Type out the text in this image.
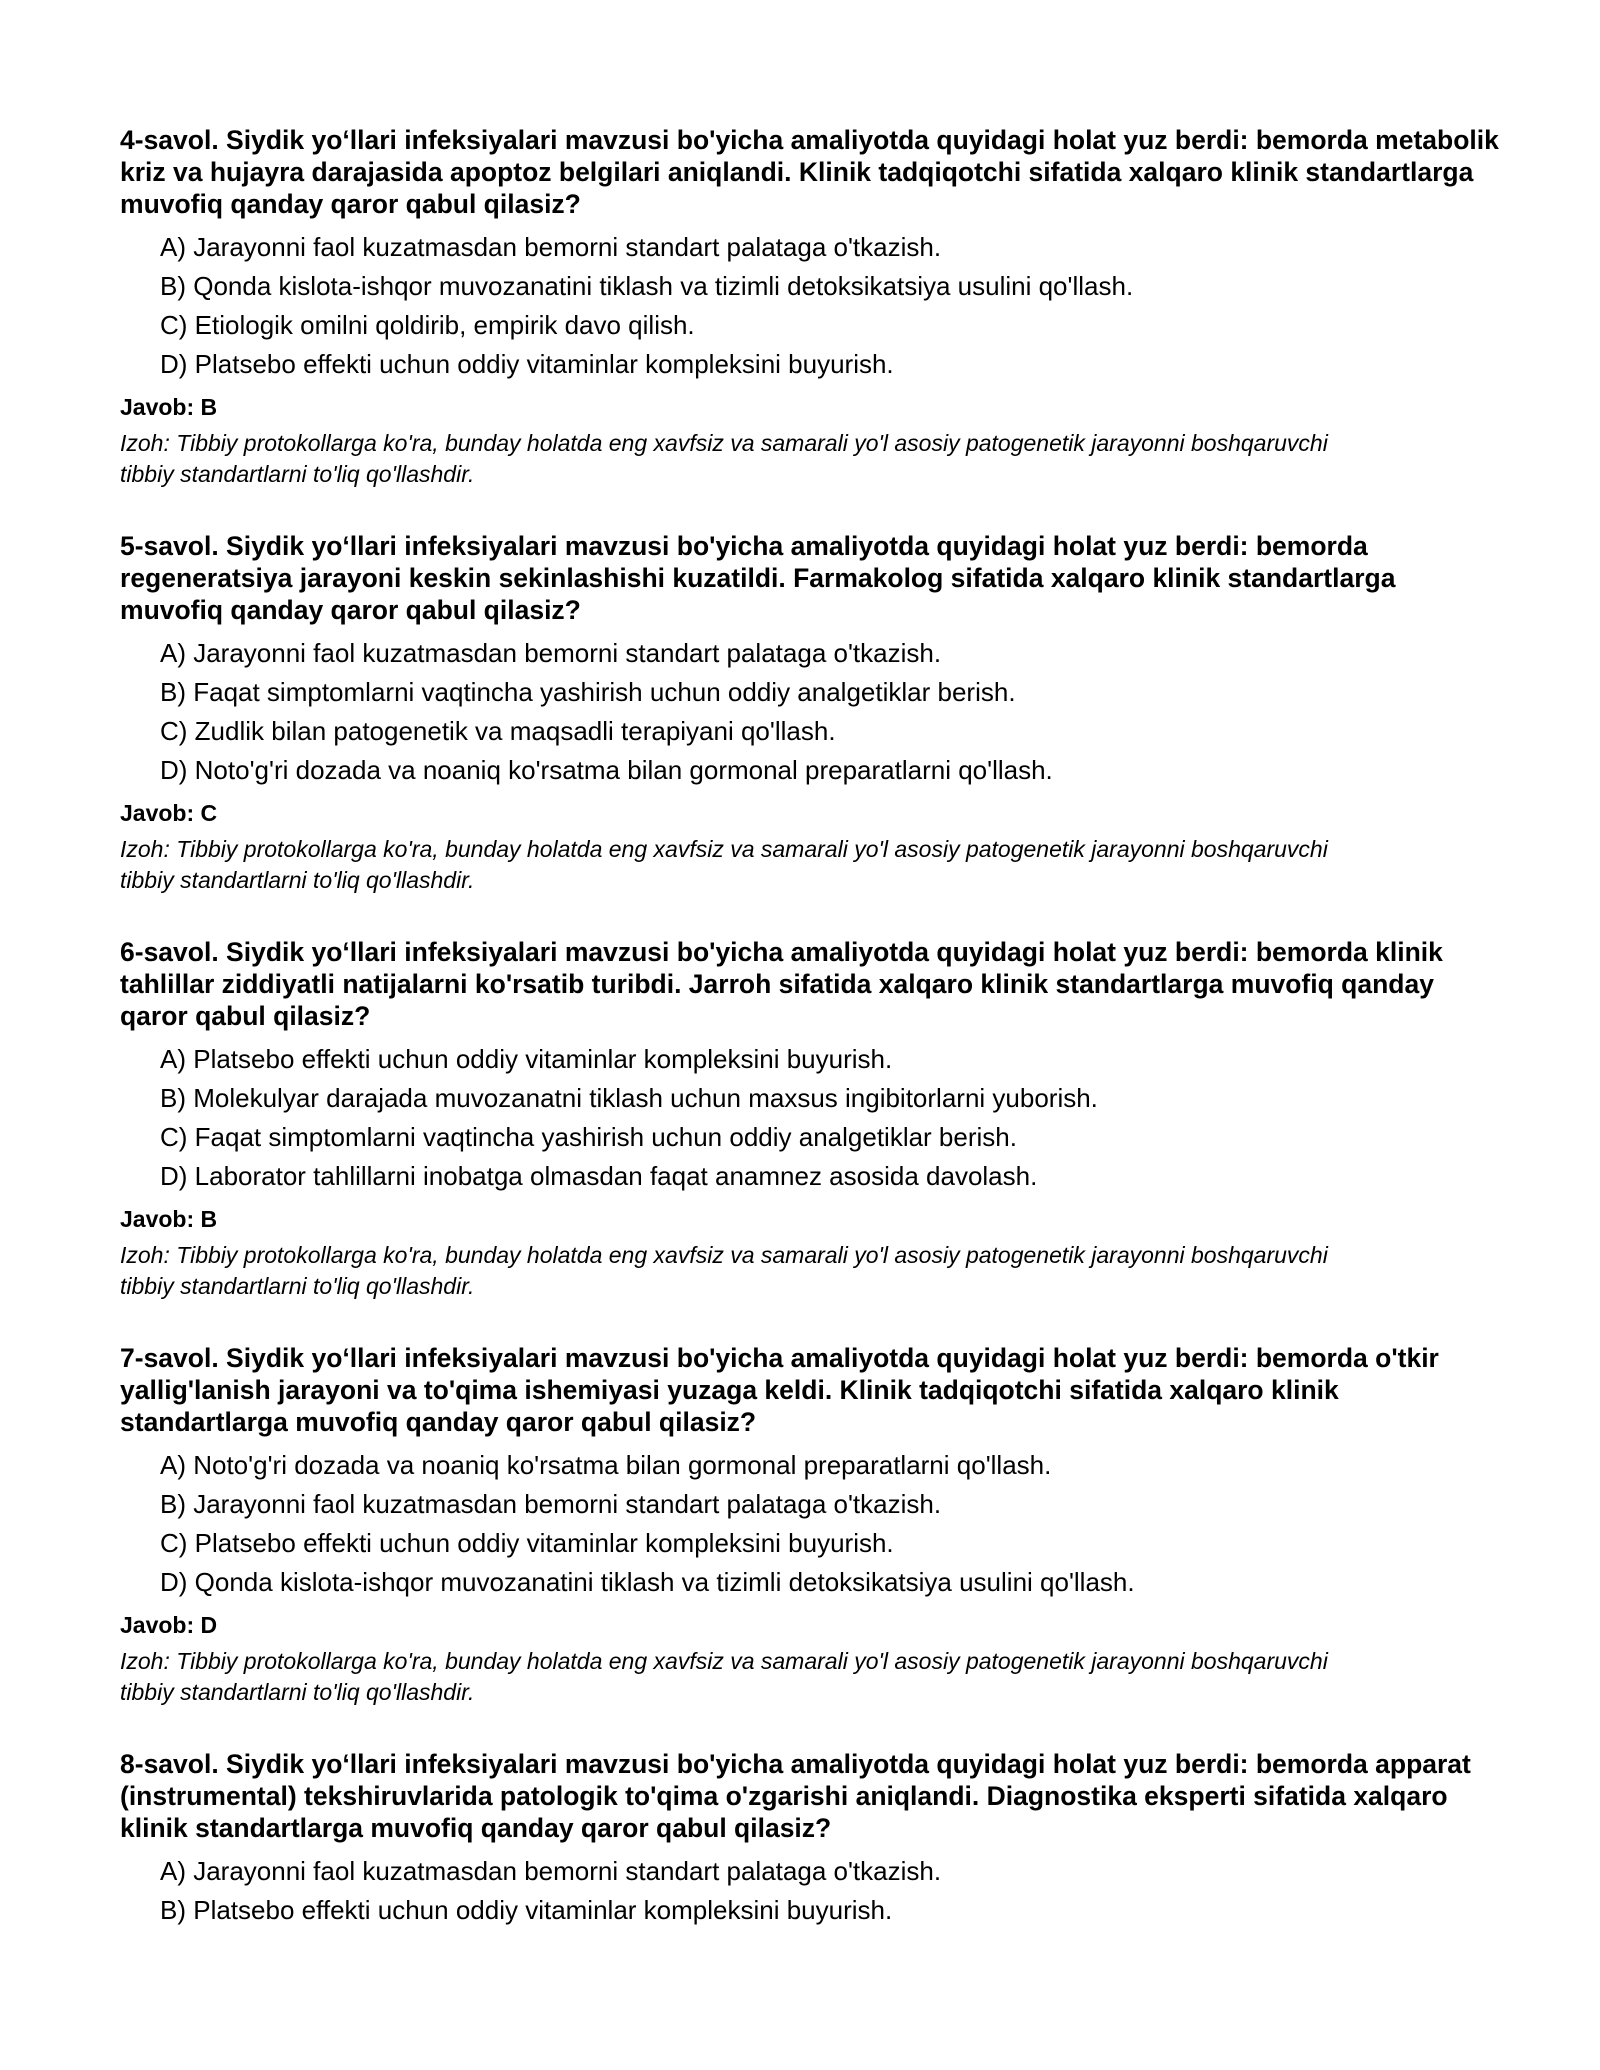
4-savol. Siydik yo‘llari infeksiyalari mavzusi bo'yicha amaliyotda quyidagi holat yuz berdi: bemorda metabolik kriz va hujayra darajasida apoptoz belgilari aniqlandi. Klinik tadqiqotchi sifatida xalqaro klinik standartlarga muvofiq qanday qaror qabul qilasiz?

A) Jarayonni faol kuzatmasdan bemorni standart palataga o'tkazish.
B) Qonda kislota-ishqor muvozanatini tiklash va tizimli detoksikatsiya usulini qo'llash.
C) Etiologik omilni qoldirib, empirik davo qilish.
D) Platsebo effekti uchun oddiy vitaminlar kompleksini buyurish.

Javob: B

Izoh: Tibbiy protokollarga ko'ra, bunday holatda eng xavfsiz va samarali yo'l asosiy patogenetik jarayonni boshqaruvchi tibbiy standartlarni to'liq qo'llashdir.

5-savol. Siydik yo‘llari infeksiyalari mavzusi bo'yicha amaliyotda quyidagi holat yuz berdi: bemorda regeneratsiya jarayoni keskin sekinlashishi kuzatildi. Farmakolog sifatida xalqaro klinik standartlarga muvofiq qanday qaror qabul qilasiz?

A) Jarayonni faol kuzatmasdan bemorni standart palataga o'tkazish.
B) Faqat simptomlarni vaqtincha yashirish uchun oddiy analgetiklar berish.
C) Zudlik bilan patogenetik va maqsadli terapiyani qo'llash.
D) Noto'g'ri dozada va noaniq ko'rsatma bilan gormonal preparatlarni qo'llash.

Javob: C

Izoh: Tibbiy protokollarga ko'ra, bunday holatda eng xavfsiz va samarali yo'l asosiy patogenetik jarayonni boshqaruvchi tibbiy standartlarni to'liq qo'llashdir.

6-savol. Siydik yo‘llari infeksiyalari mavzusi bo'yicha amaliyotda quyidagi holat yuz berdi: bemorda klinik tahlillar ziddiyatli natijalarni ko'rsatib turibdi. Jarroh sifatida xalqaro klinik standartlarga muvofiq qanday qaror qabul qilasiz?

A) Platsebo effekti uchun oddiy vitaminlar kompleksini buyurish.
B) Molekulyar darajada muvozanatni tiklash uchun maxsus ingibitorlarni yuborish.
C) Faqat simptomlarni vaqtincha yashirish uchun oddiy analgetiklar berish.
D) Laborator tahlillarni inobatga olmasdan faqat anamnez asosida davolash.

Javob: B

Izoh: Tibbiy protokollarga ko'ra, bunday holatda eng xavfsiz va samarali yo'l asosiy patogenetik jarayonni boshqaruvchi tibbiy standartlarni to'liq qo'llashdir.

7-savol. Siydik yo‘llari infeksiyalari mavzusi bo'yicha amaliyotda quyidagi holat yuz berdi: bemorda o'tkir yallig'lanish jarayoni va to'qima ishemiyasi yuzaga keldi. Klinik tadqiqotchi sifatida xalqaro klinik standartlarga muvofiq qanday qaror qabul qilasiz?

A) Noto'g'ri dozada va noaniq ko'rsatma bilan gormonal preparatlarni qo'llash.
B) Jarayonni faol kuzatmasdan bemorni standart palataga o'tkazish.
C) Platsebo effekti uchun oddiy vitaminlar kompleksini buyurish.
D) Qonda kislota-ishqor muvozanatini tiklash va tizimli detoksikatsiya usulini qo'llash.

Javob: D

Izoh: Tibbiy protokollarga ko'ra, bunday holatda eng xavfsiz va samarali yo'l asosiy patogenetik jarayonni boshqaruvchi tibbiy standartlarni to'liq qo'llashdir.

8-savol. Siydik yo‘llari infeksiyalari mavzusi bo'yicha amaliyotda quyidagi holat yuz berdi: bemorda apparat (instrumental) tekshiruvlarida patologik to'qima o'zgarishi aniqlandi. Diagnostika eksperti sifatida xalqaro klinik standartlarga muvofiq qanday qaror qabul qilasiz?

A) Jarayonni faol kuzatmasdan bemorni standart palataga o'tkazish.
B) Platsebo effekti uchun oddiy vitaminlar kompleksini buyurish.
